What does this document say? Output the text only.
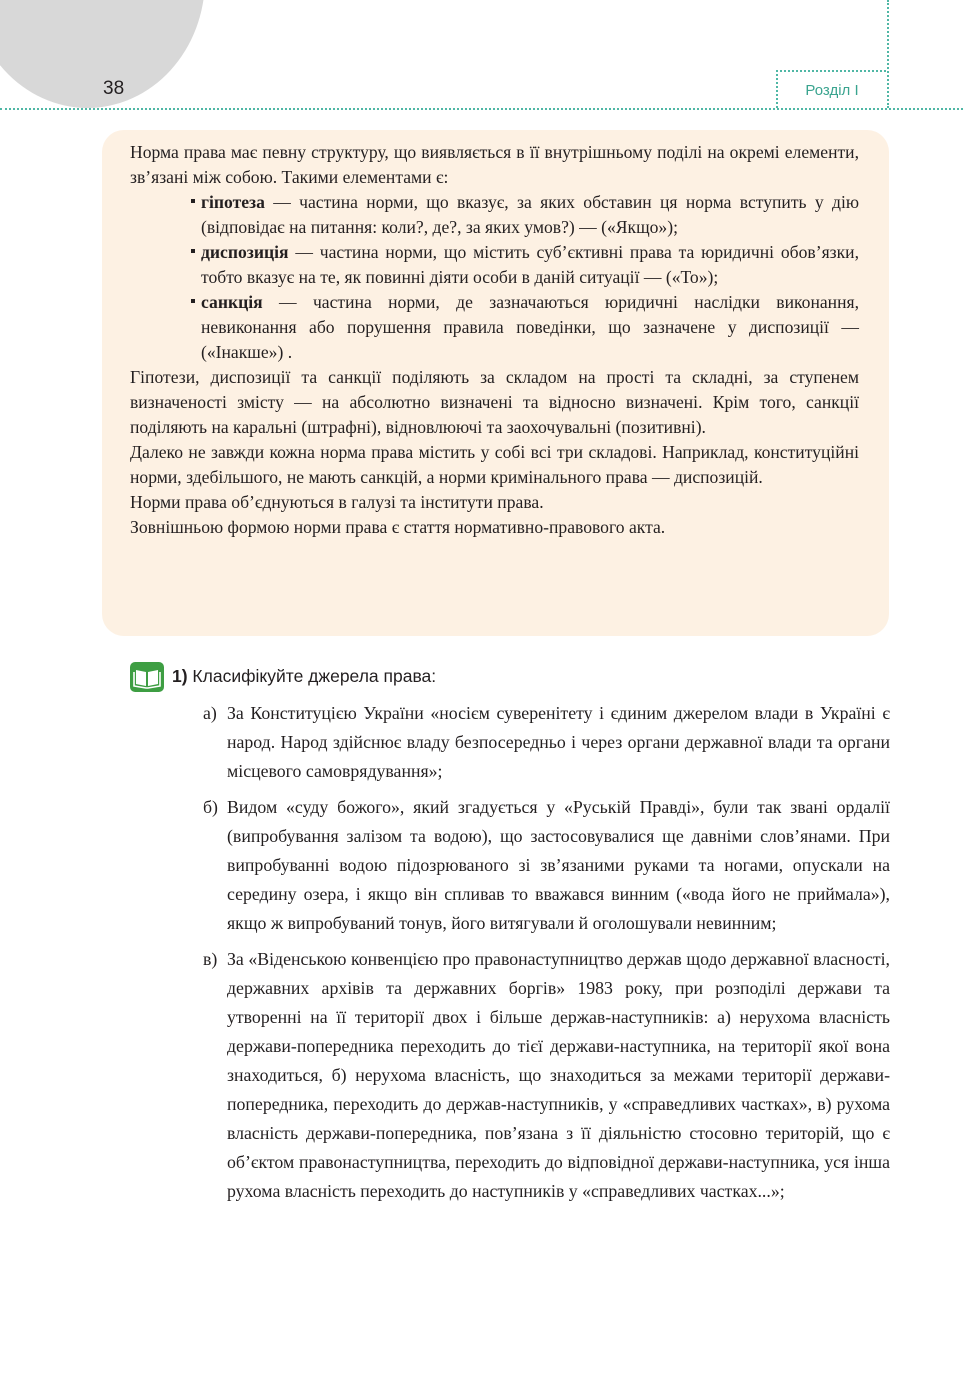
38	Розділ І

Норма права має певну структуру, що виявляється в її внутрішньому поділі на окремі елементи, зв’язані між собою. Такими елементами є:

гіпотеза — частина норми, що вказує, за яких обставин ця норма вступить у дію (відповідає на питання: коли?, де?, за яких умов?) — («Якщо»);
диспозиція — частина норми, що містить суб’єктивні права та юридичні обов’язки, тобто вказує на те, як повинні діяти особи в даній ситуації — («То»);
санкція — частина норми, де зазначаються юридичні наслідки виконання, невиконання або порушення правила поведінки, що зазначене у диспозиції — («Інакше») .

Гіпотези, диспозиції та санкції поділяють за складом на прості та складні, за ступенем визначеності змісту — на абсолютно визначені та відносно визначені. Крім того, санкції поділяють на каральні (штрафні), відновлюючі та заохочувальні (позитивні).

Далеко не завжди кожна норма права містить у собі всі три складові. Наприклад, конституційні норми, здебільшого, не мають санкцій, а норми кримінального права — диспозицій.

Норми права об’єднуються в галузі та інститути права.

Зовнішньою формою норми права є стаття нормативно-правового акта.

1) Класифікуйте джерела права:
а) За Конституцією України «носієм суверенітету і єдиним джерелом влади в Україні є народ. Народ здійснює владу безпосередньо і через органи державної влади та органи місцевого самоврядування»;
б) Видом «суду божого», який згадується у «Руській Правді», були так звані ордалії (випробування залізом та водою), що застосовувалися ще давніми слов’янами. При випробуванні водою підозрюваного зі зв’язаними руками та ногами, опускали на середину озера, і якщо він спливав то вважався винним («вода його не приймала»), якщо ж випробуваний тонув, його витягували й оголошували невинним;
в) За «Віденською конвенцією про правонаступництво держав щодо державної власності, державних архівів та державних боргів» 1983 року, при розподілі держави та утворенні на її території двох і більше держав-наступників: а) нерухома власність держави-попередника переходить до тієї держави-наступника, на території якої вона знаходиться, б) нерухома власність, що знаходиться за межами території держави-попередника, переходить до держав-наступників, у «справедливих частках», в) рухома власність держави-попередника, пов’язана з її діяльністю стосовно територій, що є об’єктом правонаступництва, переходить до відповідної держави-наступника, уся інша рухома власність переходить до наступників у «справедливих частках...»;
